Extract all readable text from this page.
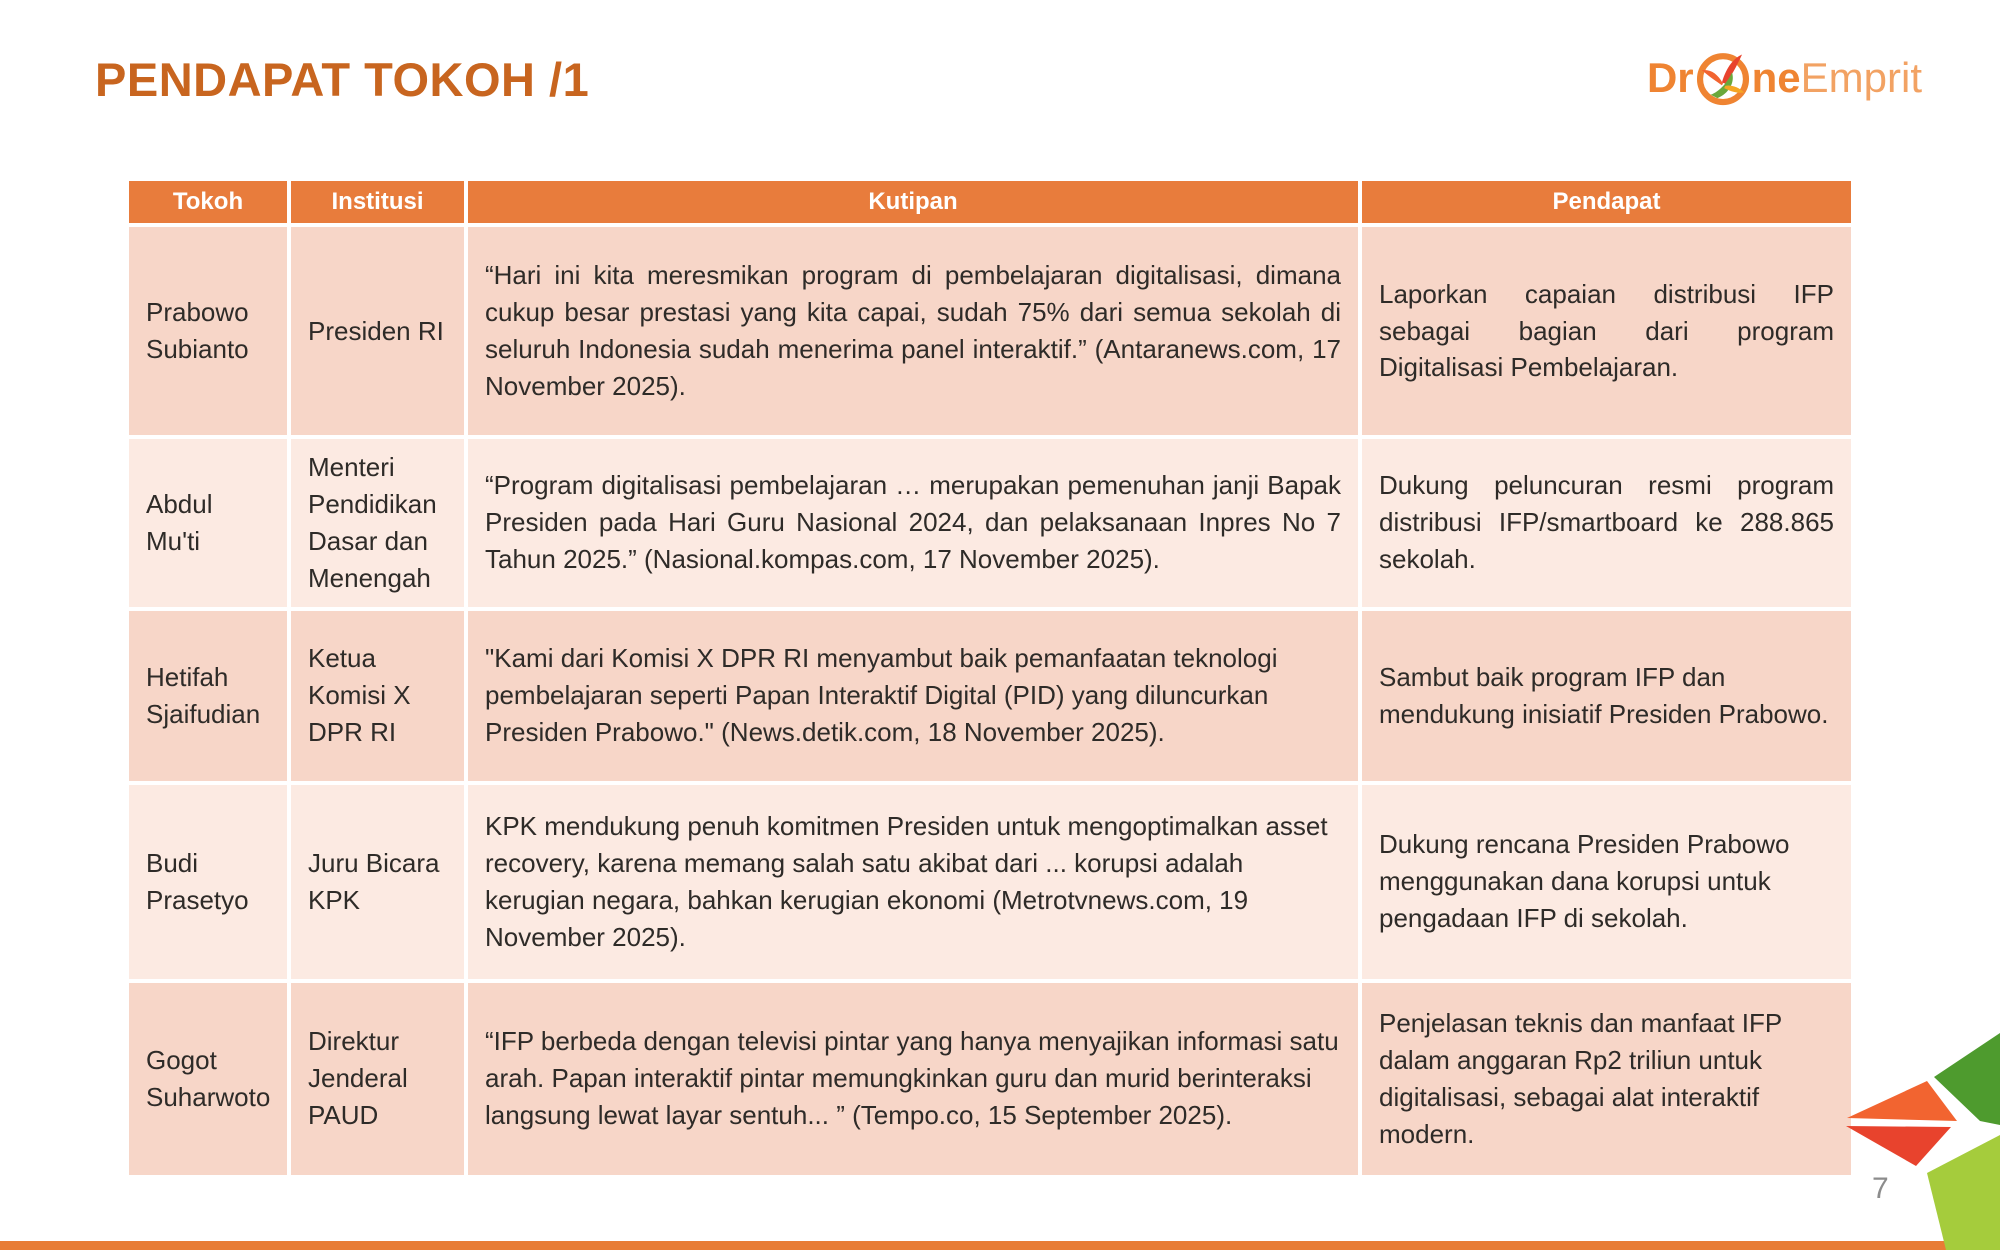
PENDAPAT TOKOH /1	Dr ne Emprit
Tokoh	Institusi	Kutipan	Pendapat
Prabowo Subianto	Presiden RI	“Hari ini kita meresmikan program di pembelajaran digitalisasi, dimana cukup besar prestasi yang kita capai, sudah 75% dari semua sekolah di seluruh Indonesia sudah menerima panel interaktif.” (Antaranews.com, 17 November 2025).	Laporkan capaian distribusi IFP sebagai bagian dari program Digitalisasi Pembelajaran.
Abdul Mu'ti	Menteri Pendidikan Dasar dan Menengah	“Program digitalisasi pembelajaran … merupakan pemenuhan janji Bapak Presiden pada Hari Guru Nasional 2024, dan pelaksanaan Inpres No 7 Tahun 2025.” (Nasional.kompas.com, 17 November 2025).	Dukung peluncuran resmi program distribusi IFP/smartboard ke 288.865 sekolah.
Hetifah Sjaifudian	Ketua Komisi X DPR RI	"Kami dari Komisi X DPR RI menyambut baik pemanfaatan teknologi pembelajaran seperti Papan Interaktif Digital (PID) yang diluncurkan Presiden Prabowo." (News.detik.com, 18 November 2025).	Sambut baik program IFP dan mendukung inisiatif Presiden Prabowo.
Budi Prasetyo	Juru Bicara KPK	KPK mendukung penuh komitmen Presiden untuk mengoptimalkan asset recovery, karena memang salah satu akibat dari ... korupsi adalah kerugian negara, bahkan kerugian ekonomi (Metrotvnews.com, 19 November 2025).	Dukung rencana Presiden Prabowo menggunakan dana korupsi untuk pengadaan IFP di sekolah.
Gogot Suharwoto	Direktur Jenderal PAUD	“IFP berbeda dengan televisi pintar yang hanya menyajikan informasi satu arah. Papan interaktif pintar memungkinkan guru dan murid berinteraksi langsung lewat layar sentuh... ” (Tempo.co, 15 September 2025).	Penjelasan teknis dan manfaat IFP dalam anggaran Rp2 triliun untuk digitalisasi, sebagai alat interaktif modern.
7
